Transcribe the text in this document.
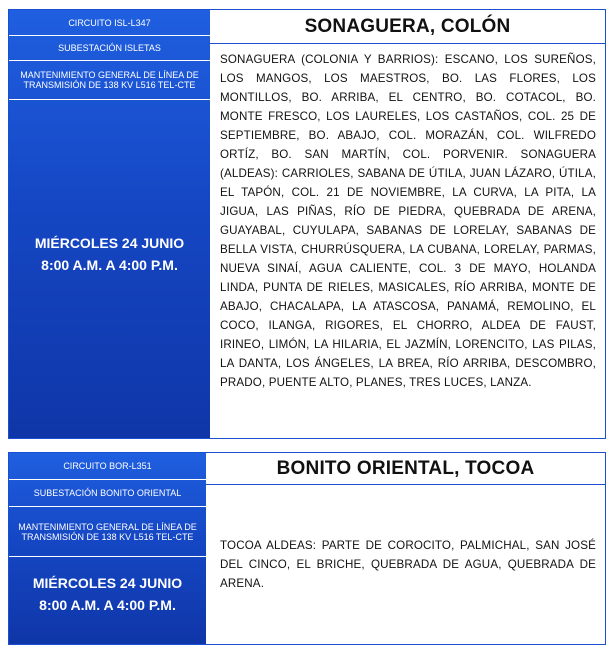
CIRCUITO ISL-L347
SUBESTACIÓN ISLETAS
MANTENIMIENTO GENERAL DE LÍNEA DE TRANSMISIÓN DE 138 KV L516 TEL-CTE
MIÉRCOLES 24 JUNIO
8:00 A.M. A 4:00 P.M.
SONAGUERA, COLÓN
SONAGUERA (COLONIA Y BARRIOS): ESCANO, LOS SUREÑOS, LOS MANGOS, LOS MAESTROS, BO. LAS FLORES, LOS MONTILLOS, BO. ARRIBA, EL CENTRO, BO. COTACOL, BO. MONTE FRESCO, LOS LAURELES, LOS CASTAÑOS, COL. 25 DE SEPTIEMBRE, BO. ABAJO, COL. MORAZÁN, COL. WILFREDO ORTÍZ, BO. SAN MARTÍN, COL. PORVENIR. SONAGUERA (ALDEAS): CARRIOLES, SABANA DE ÚTILA, JUAN LÁZARO, ÚTILA, EL TAPÓN, COL. 21 DE NOVIEMBRE, LA CURVA, LA PITA, LA JIGUA, LAS PIÑAS, RÍO DE PIEDRA, QUEBRADA DE ARENA, GUAYABAL, CUYULAPA, SABANAS DE LORELAY, SABANAS DE BELLA VISTA, CHURRÚSQUERA, LA CUBANA, LORELAY, PARMAS, NUEVA SINAÍ, AGUA CALIENTE, COL. 3 DE MAYO, HOLANDA LINDA, PUNTA DE RIELES, MASICALES, RÍO ARRIBA, MONTE DE ABAJO, CHACALAPA, LA ATASCOSA, PANAMÁ, REMOLINO, EL COCO, ILANGA, RIGORES, EL CHORRO, ALDEA DE FAUST, IRINEO, LIMÓN, LA HILARIA, EL JAZMÍN, LORENCITO, LAS PILAS, LA DANTA, LOS ÁNGELES, LA BREA, RÍO ARRIBA, DESCOMBRO, PRADO, PUENTE ALTO, PLANES, TRES LUCES, LANZA.
CIRCUITO BOR-L351
SUBESTACIÓN BONITO ORIENTAL
MANTENIMIENTO GENERAL DE LÍNEA DE TRANSMISIÓN DE 138 KV L516 TEL-CTE
MIÉRCOLES 24 JUNIO
8:00 A.M. A 4:00 P.M.
BONITO ORIENTAL, TOCOA
TOCOA ALDEAS: PARTE DE COROCITO, PALMICHAL, SAN JOSÉ DEL CINCO, EL BRICHE, QUEBRADA DE AGUA, QUEBRADA DE ARENA.
